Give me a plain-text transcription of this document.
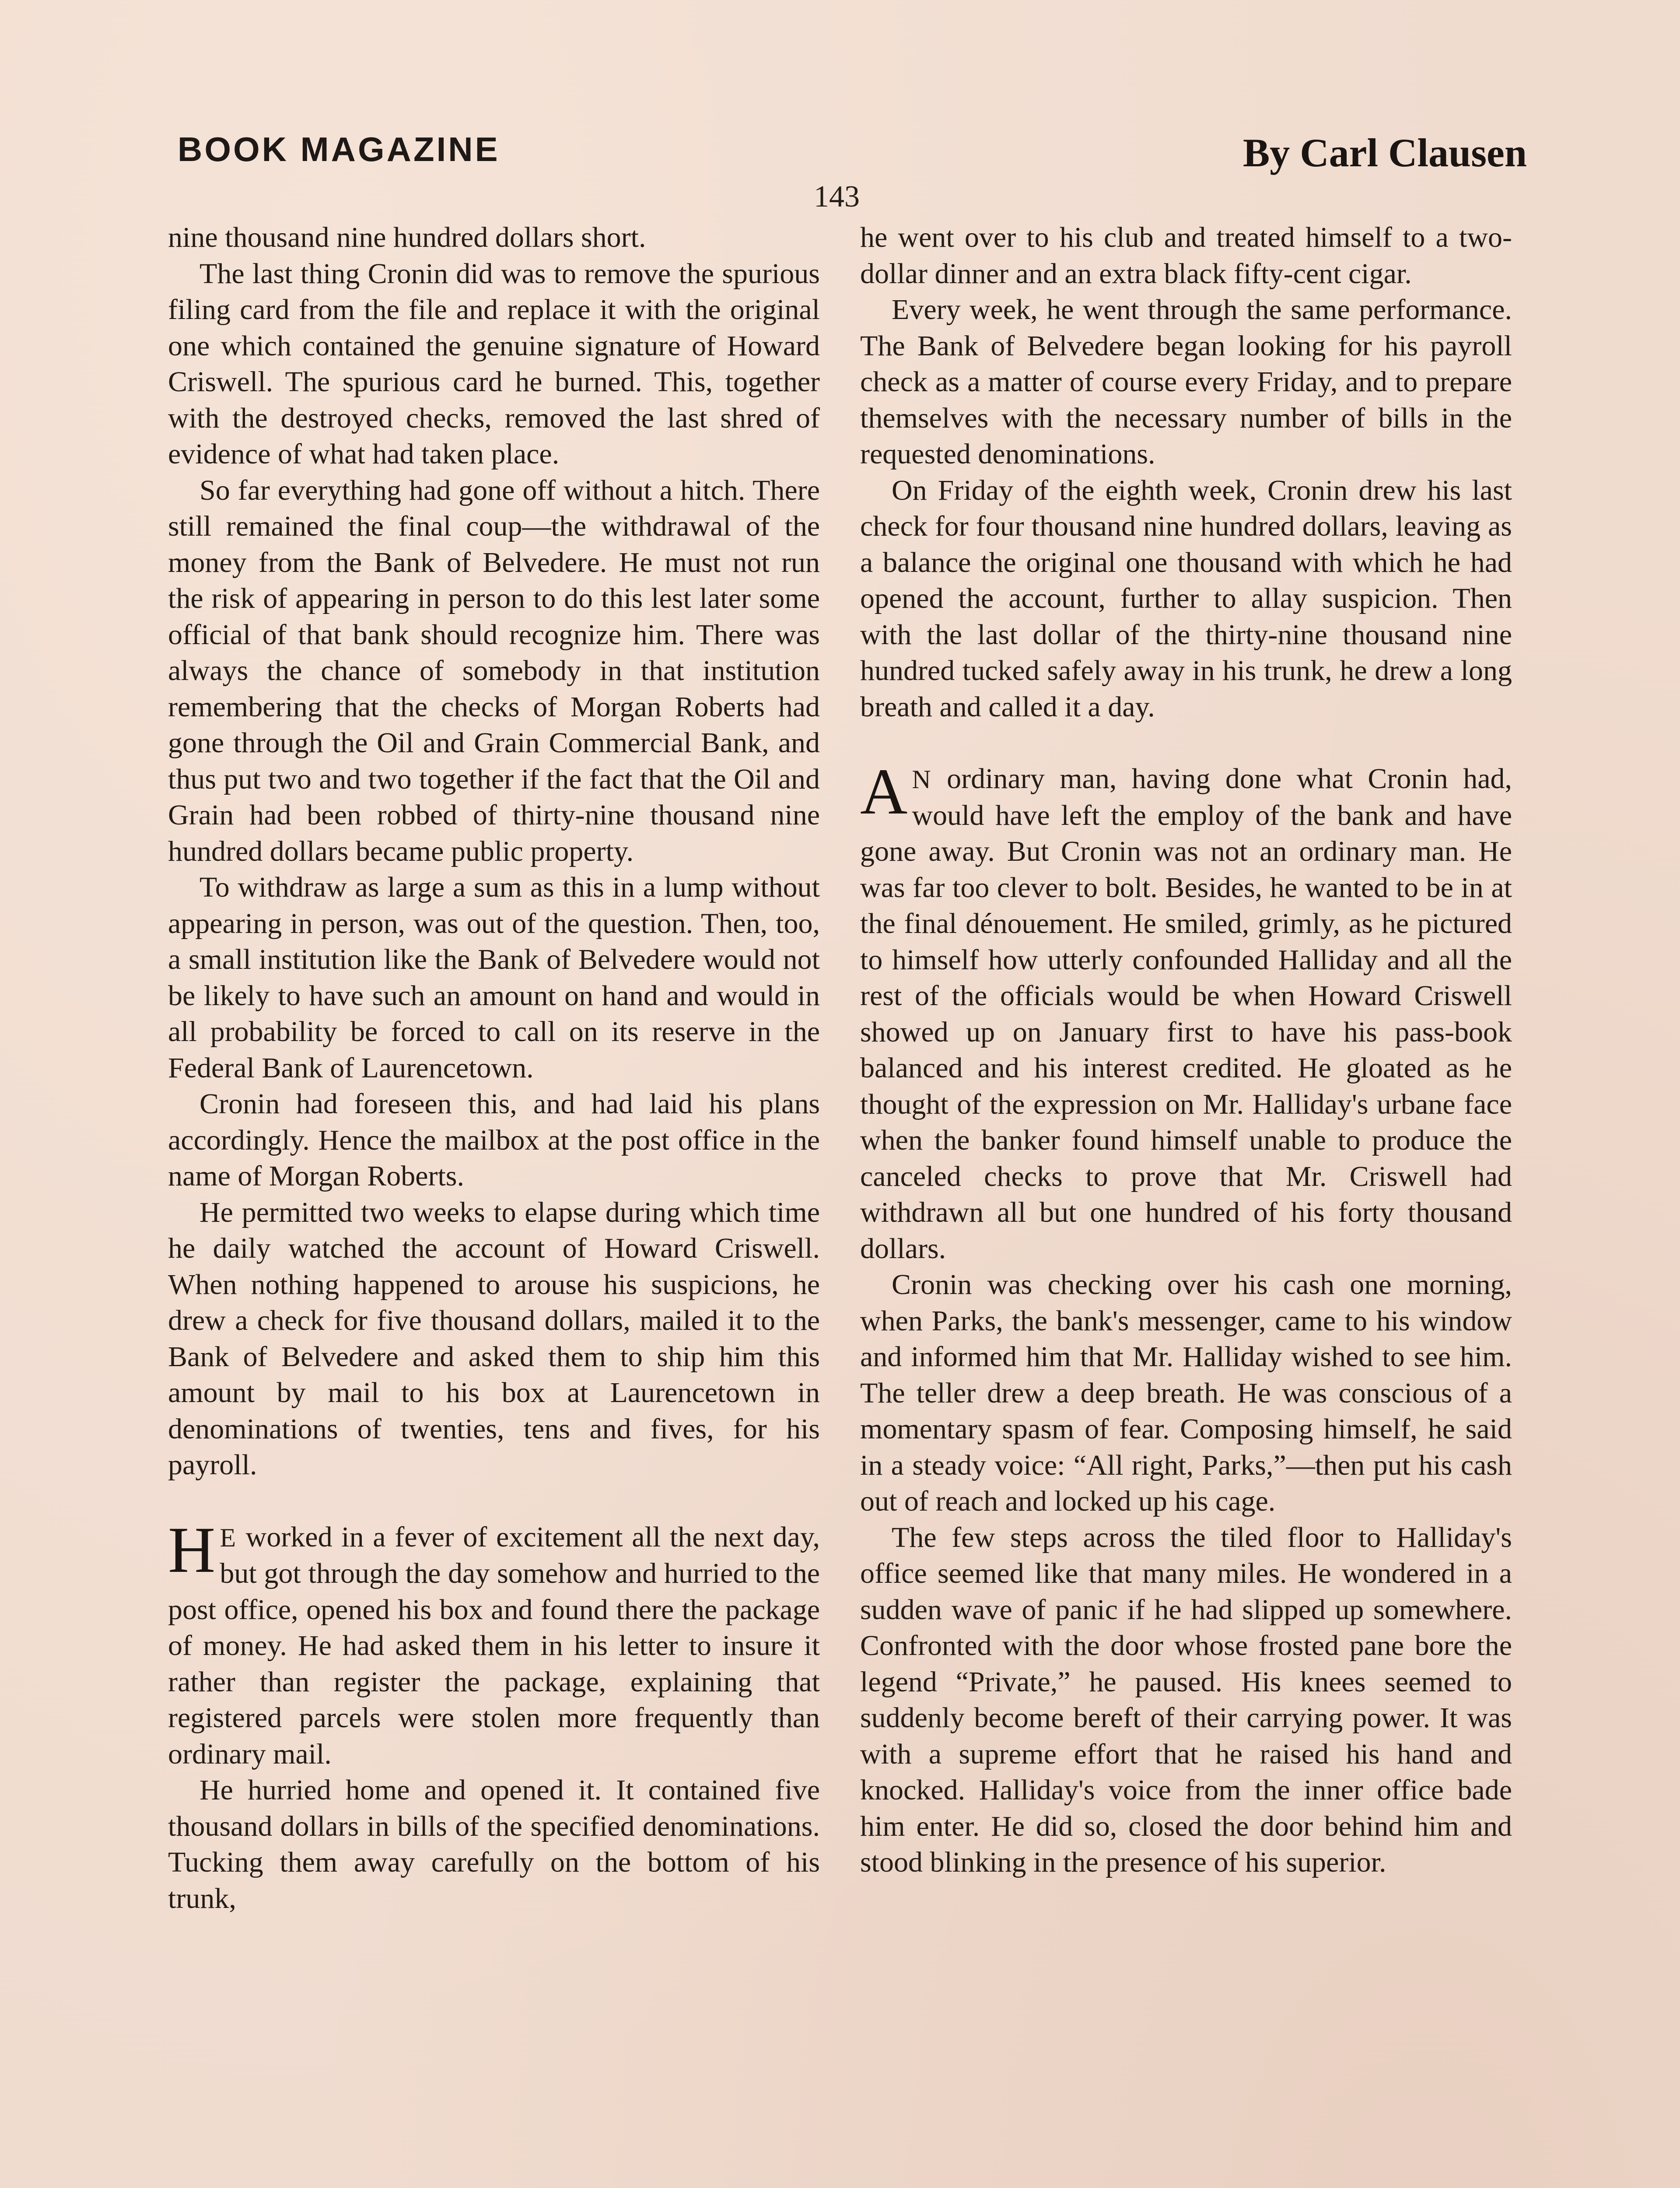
BOOK MAGAZINE	By Carl Clausen
143

nine thousand nine hundred dollars short.

The last thing Cronin did was to remove the spurious filing card from the file and replace it with the original one which contained the genuine signature of Howard Criswell. The spurious card he burned. This, together with the destroyed checks, removed the last shred of evidence of what had taken place.

So far everything had gone off without a hitch. There still remained the final coup—the withdrawal of the money from the Bank of Belvedere. He must not run the risk of appearing in person to do this lest later some official of that bank should recognize him. There was always the chance of somebody in that institution remembering that the checks of Morgan Roberts had gone through the Oil and Grain Commercial Bank, and thus put two and two together if the fact that the Oil and Grain had been robbed of thirty-nine thousand nine hundred dollars became public property.

To withdraw as large a sum as this in a lump without appearing in person, was out of the question. Then, too, a small institution like the Bank of Belvedere would not be likely to have such an amount on hand and would in all probability be forced to call on its reserve in the Federal Bank of Laurencetown.

Cronin had foreseen this, and had laid his plans accordingly. Hence the mailbox at the post office in the name of Morgan Roberts.

He permitted two weeks to elapse during which time he daily watched the account of Howard Criswell. When nothing happened to arouse his suspicions, he drew a check for five thousand dollars, mailed it to the Bank of Belvedere and asked them to ship him this amount by mail to his box at Laurencetown in denominations of twenties, tens and fives, for his payroll.

H E worked in a fever of excitement all the next day, but got through the day somehow and hurried to the post office, opened his box and found there the package of money. He had asked them in his letter to insure it rather than register the package, explaining that registered parcels were stolen more frequently than ordinary mail.

He hurried home and opened it. It contained five thousand dollars in bills of the specified denominations. Tucking them away carefully on the bottom of his trunk,

he went over to his club and treated himself to a two-dollar dinner and an extra black fifty-cent cigar.

Every week, he went through the same performance. The Bank of Belvedere began looking for his payroll check as a matter of course every Friday, and to prepare themselves with the necessary number of bills in the requested denominations.

On Friday of the eighth week, Cronin drew his last check for four thousand nine hundred dollars, leaving as a balance the original one thousand with which he had opened the account, further to allay suspicion. Then with the last dollar of the thirty-nine thousand nine hundred tucked safely away in his trunk, he drew a long breath and called it a day.

A N ordinary man, having done what Cronin had, would have left the employ of the bank and have gone away. But Cronin was not an ordinary man. He was far too clever to bolt. Besides, he wanted to be in at the final dénouement. He smiled, grimly, as he pictured to himself how utterly confounded Halliday and all the rest of the officials would be when Howard Criswell showed up on January first to have his pass-book balanced and his interest credited. He gloated as he thought of the expression on Mr. Halliday's urbane face when the banker found himself unable to produce the canceled checks to prove that Mr. Criswell had withdrawn all but one hundred of his forty thousand dollars.

Cronin was checking over his cash one morning, when Parks, the bank's messenger, came to his window and informed him that Mr. Halliday wished to see him. The teller drew a deep breath. He was conscious of a momentary spasm of fear. Composing himself, he said in a steady voice: “All right, Parks,”—then put his cash out of reach and locked up his cage.

The few steps across the tiled floor to Halliday's office seemed like that many miles. He wondered in a sudden wave of panic if he had slipped up somewhere. Confronted with the door whose frosted pane bore the legend “Private,” he paused. His knees seemed to suddenly become bereft of their carrying power. It was with a supreme effort that he raised his hand and knocked. Halliday's voice from the inner office bade him enter. He did so, closed the door behind him and stood blinking in the presence of his superior.
